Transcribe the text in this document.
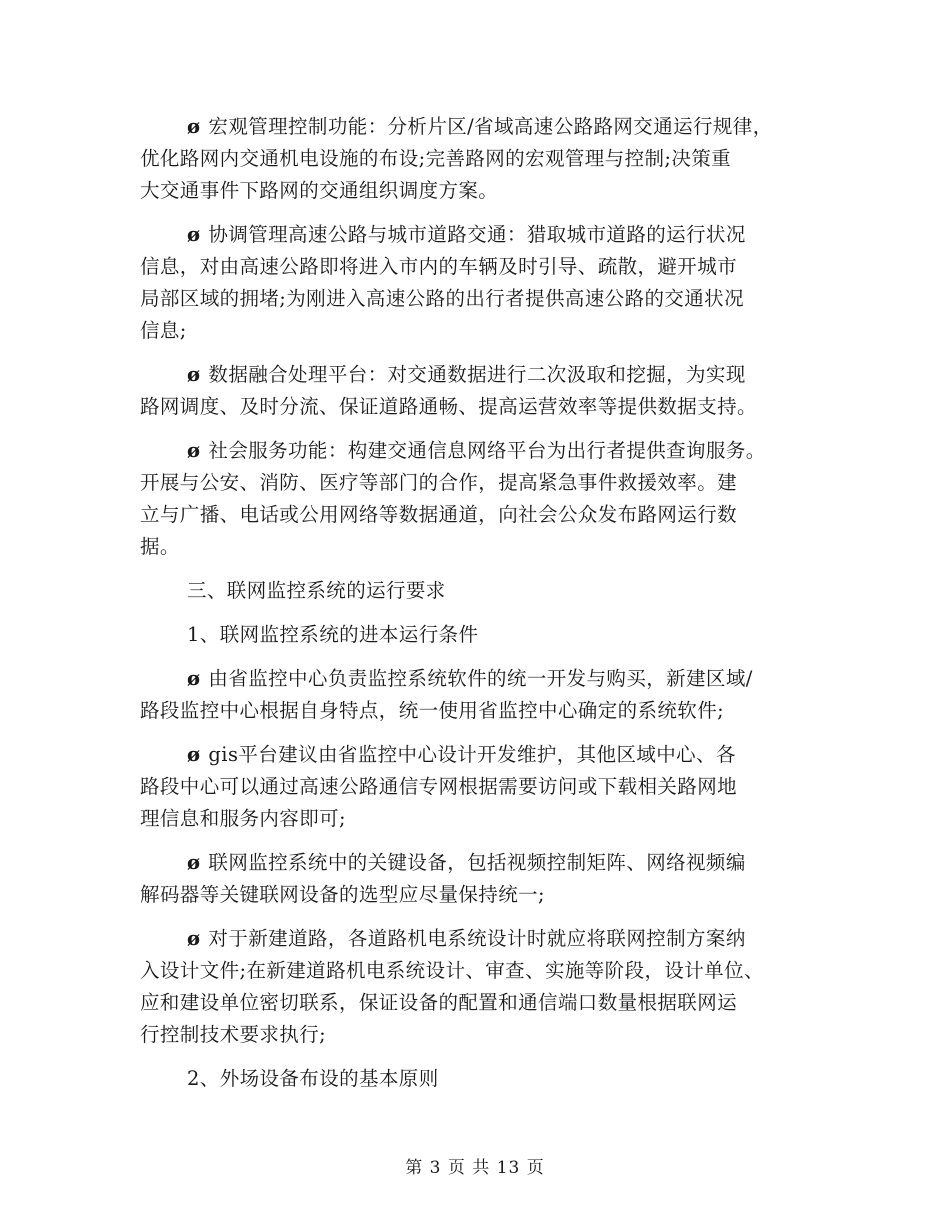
ø 宏观管理控制功能：分析片区/省域高速公路路网交通运行规律，
优化路网内交通机电设施的布设;完善路网的宏观管理与控制;决策重
大交通事件下路网的交通组织调度方案。
ø 协调管理高速公路与城市道路交通：猎取城市道路的运行状况
信息，对由高速公路即将进入市内的车辆及时引导、疏散，避开城市
局部区域的拥堵;为刚进入高速公路的出行者提供高速公路的交通状况
信息;
ø 数据融合处理平台：对交通数据进行二次汲取和挖掘，为实现
路网调度、及时分流、保证道路通畅、提高运营效率等提供数据支持。
ø 社会服务功能：构建交通信息网络平台为出行者提供查询服务。
开展与公安、消防、医疗等部门的合作，提高紧急事件救援效率。建
立与广播、电话或公用网络等数据通道，向社会公众发布路网运行数
据。
三、联网监控系统的运行要求
1、联网监控系统的进本运行条件
ø 由省监控中心负责监控系统软件的统一开发与购买，新建区域/
路段监控中心根据自身特点，统一使用省监控中心确定的系统软件;
ø gis平台建议由省监控中心设计开发维护，其他区域中心、各
路段中心可以通过高速公路通信专网根据需要访问或下载相关路网地
理信息和服务内容即可;
ø 联网监控系统中的关键设备，包括视频控制矩阵、网络视频编
解码器等关键联网设备的选型应尽量保持统一;
ø 对于新建道路，各道路机电系统设计时就应将联网控制方案纳
入设计文件;在新建道路机电系统设计、审查、实施等阶段，设计单位、
应和建设单位密切联系，保证设备的配置和通信端口数量根据联网运
行控制技术要求执行;
2、外场设备布设的基本原则
第 3 页 共 13 页
